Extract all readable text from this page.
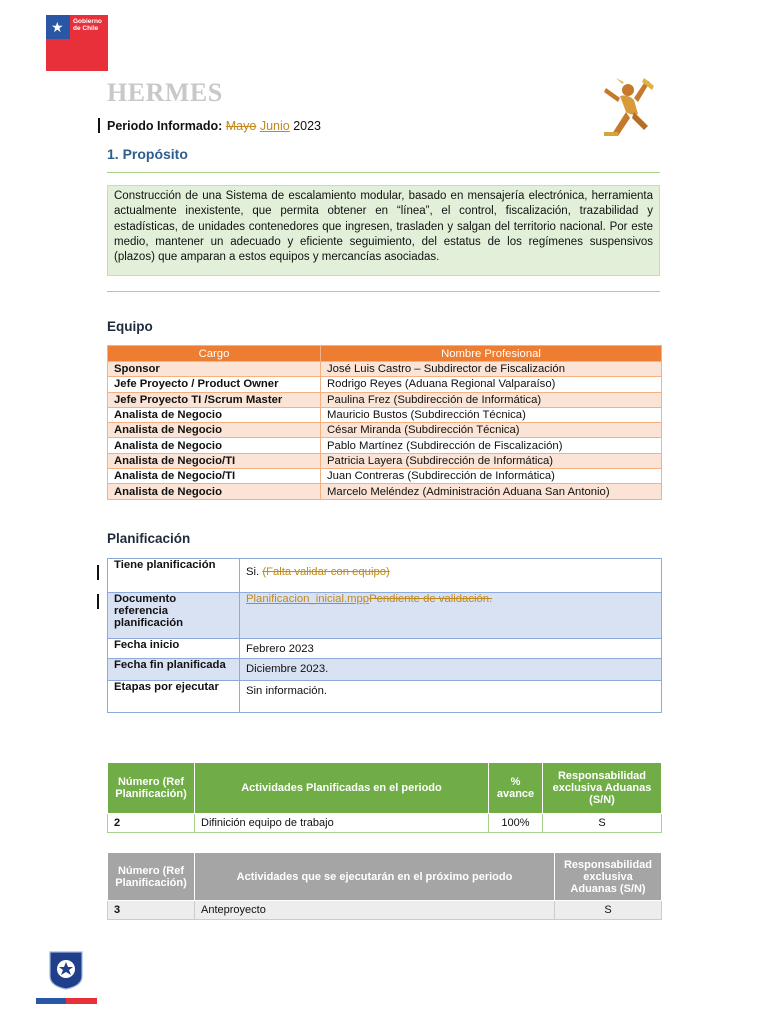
★ Gobierno de Chile
HERMES
Periodo Informado: Mayo Junio 2023
1. Propósito
Construcción de una Sistema de escalamiento modular, basado en mensajería electrónica, herramienta actualmente inexistente, que permita obtener en “línea”, el control, fiscalización, trazabilidad y estadísticas, de unidades contenedores que ingresen, trasladen y salgan del territorio nacional. Por este medio, mantener un adecuado y eficiente seguimiento, del estatus de los regímenes suspensivos (plazos) que amparan a estos equipos y mercancías asociadas.
Equipo
Cargo	Nombre Profesional
Sponsor	José Luis Castro – Subdirector de Fiscalización
Jefe Proyecto / Product Owner	Rodrigo Reyes (Aduana Regional Valparaíso)
Jefe Proyecto TI /Scrum Master	Paulina Frez (Subdirección de Informática)
Analista de Negocio	Mauricio Bustos (Subdirección Técnica)
Analista de Negocio	César Miranda (Subdirección Técnica)
Analista de Negocio	Pablo Martínez (Subdirección de Fiscalización)
Analista de Negocio/TI	Patricia Layera (Subdirección de Informática)
Analista de Negocio/TI	Juan Contreras (Subdirección de Informática)
Analista de Negocio	Marcelo Meléndez (Administración Aduana San Antonio)
Planificación
Tiene planificación	Si. (Falta validar con equipo)
Documento referencia planificación	Planificacion_inicial.mppPendiente de validación.
Fecha inicio	Febrero 2023
Fecha fin planificada	Diciembre 2023.
Etapas por ejecutar	Sin información.
Número (Ref Planificación)	Actividades Planificadas en el periodo	% avance	Responsabilidad exclusiva Aduanas (S/N)
2	Difinición equipo de trabajo	100%	S
Número (Ref Planificación)	Actividades que se ejecutarán en el próximo periodo	Responsabilidad exclusiva Aduanas (S/N)
3	Anteproyecto	S
